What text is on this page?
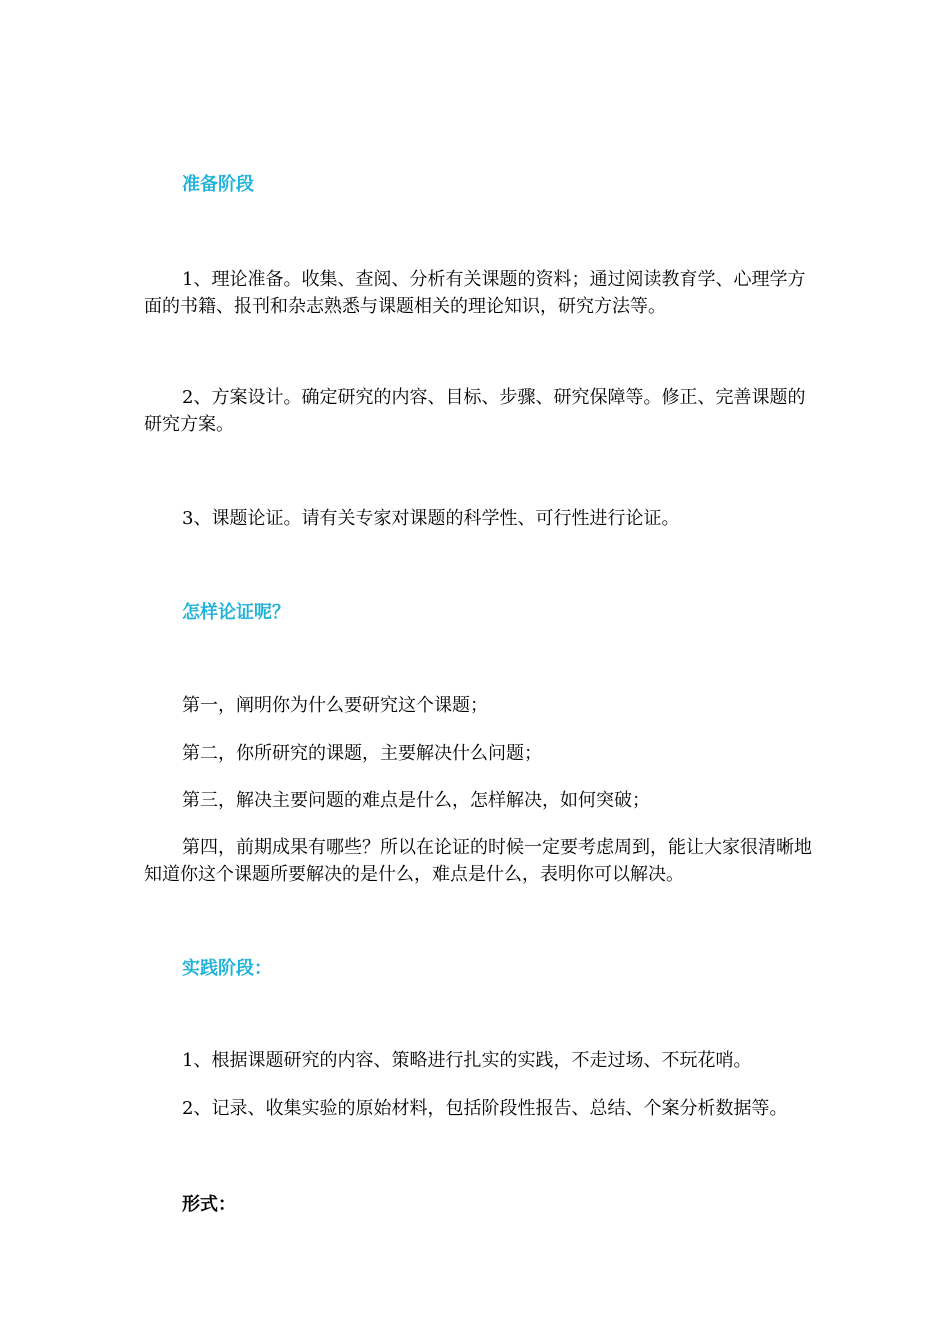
准备阶段
1、理论准备。收集、查阅、分析有关课题的资料；通过阅读教育学、心理学方面的书籍、报刊和杂志熟悉与课题相关的理论知识，研究方法等。
2、方案设计。确定研究的内容、目标、步骤、研究保障等。修正、完善课题的研究方案。
3、课题论证。请有关专家对课题的科学性、可行性进行论证。
怎样论证呢？
第一，阐明你为什么要研究这个课题；
第二，你所研究的课题，主要解决什么问题；
第三，解决主要问题的难点是什么，怎样解决，如何突破；
第四，前期成果有哪些？所以在论证的时候一定要考虑周到，能让大家很清晰地知道你这个课题所要解决的是什么，难点是什么，表明你可以解决。
实践阶段：
1、根据课题研究的内容、策略进行扎实的实践，不走过场、不玩花哨。
2、记录、收集实验的原始材料，包括阶段性报告、总结、个案分析数据等。
形式：
